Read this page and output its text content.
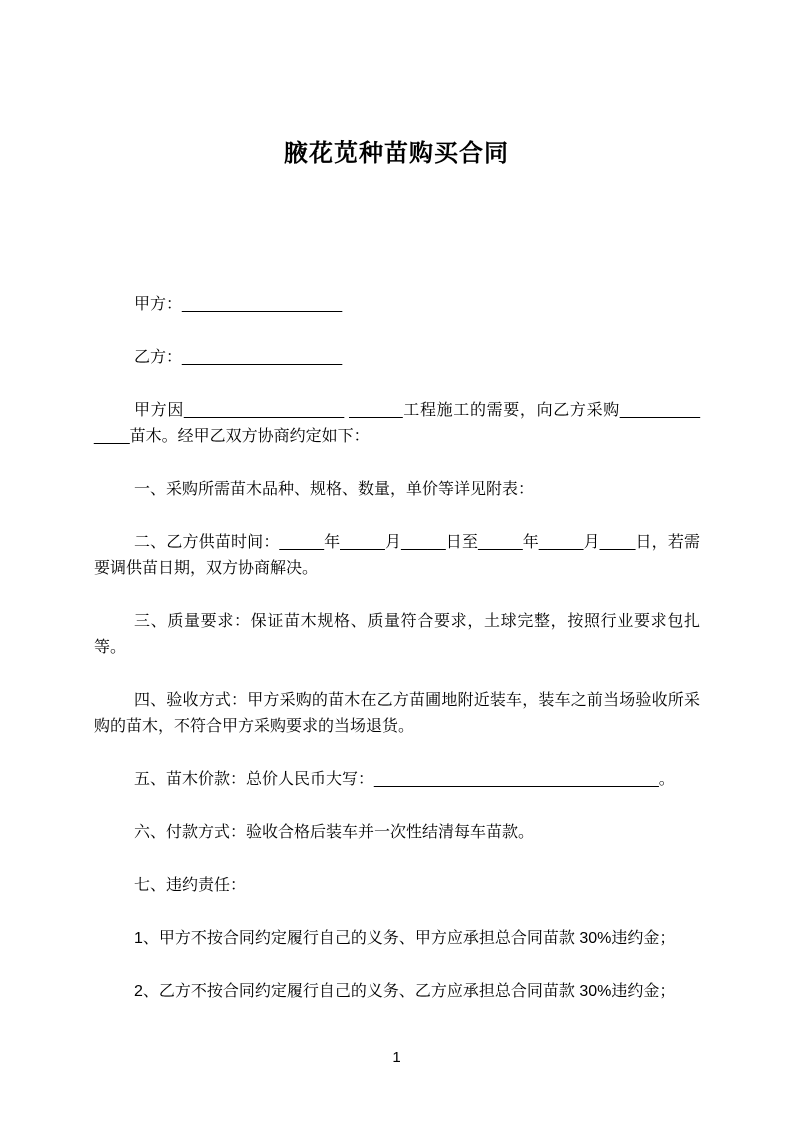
腋花苋种苗购买合同

甲方：__________________

乙方：__________________

甲方因__________________ ______工程施工的需要，向乙方采购_________ ____苗木。经甲乙双方协商约定如下：

一、采购所需苗木品种、规格、数量，单价等详见附表：

二、乙方供苗时间：_____年_____月_____日至_____年_____月____日，若需要调供苗日期，双方协商解决。

三、质量要求：保证苗木规格、质量符合要求，土球完整，按照行业要求包扎等。

四、验收方式：甲方采购的苗木在乙方苗圃地附近装车，装车之前当场验收所采购的苗木，不符合甲方采购要求的当场退货。

五、苗木价款：总价人民币大写：________________________________。

六、付款方式：验收合格后装车并一次性结清每车苗款。

七、违约责任：

1、甲方不按合同约定履行自己的义务、甲方应承担总合同苗款 30%违约金；

2、乙方不按合同约定履行自己的义务、乙方应承担总合同苗款 30%违约金；

1
